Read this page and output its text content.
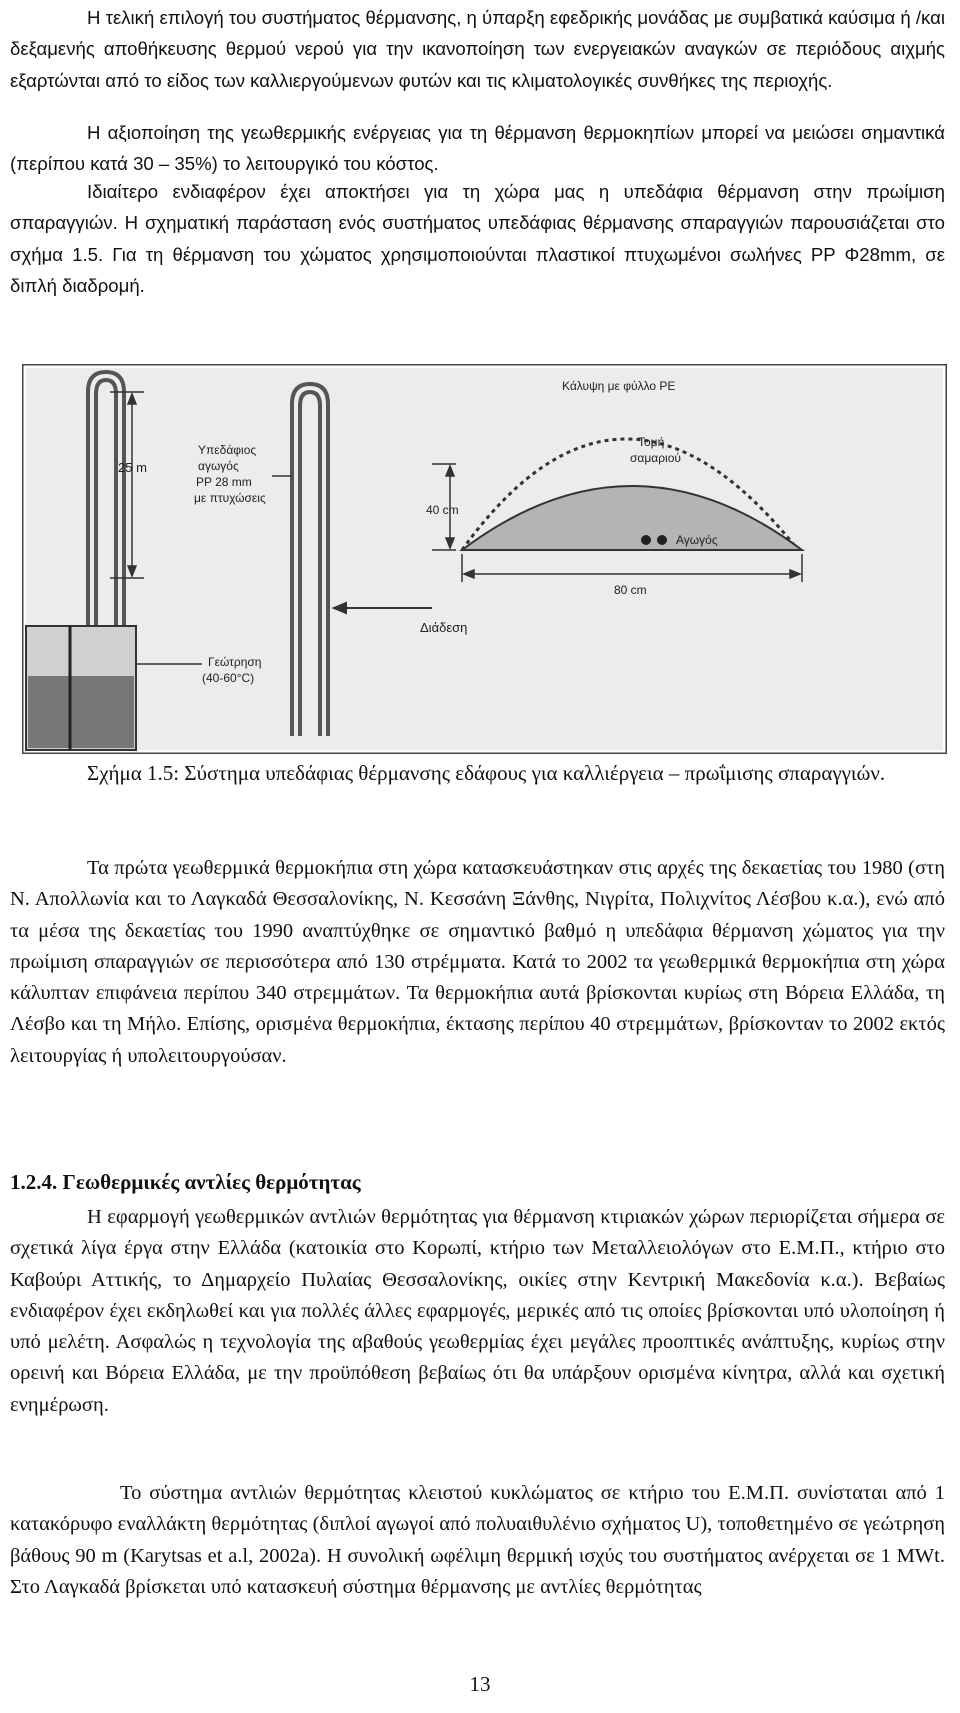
Η τελική επιλογή του συστήματος θέρμανσης, η ύπαρξη εφεδρικής μονάδας με συμβατικά καύσιμα ή /και δεξαμενής αποθήκευσης θερμού νερού για την ικανοποίηση των ενεργειακών αναγκών σε περιόδους αιχμής εξαρτώνται από το είδος των καλλιεργούμενων φυτών και τις κλιματολογικές συνθήκες της περιοχής.

Η αξιοποίηση της γεωθερμικής ενέργειας για τη θέρμανση θερμοκηπίων μπορεί να μειώσει σημαντικά (περίπου κατά 30 – 35%) το λειτουργικό του κόστος.

Ιδιαίτερο ενδιαφέρον έχει αποκτήσει για τη χώρα μας η υπεδάφια θέρμανση στην πρωίμιση σπαραγγιών. Η σχηματική παράσταση ενός συστήματος υπεδάφιας θέρμανσης σπαραγγιών παρουσιάζεται στο σχήμα 1.5. Για τη θέρμανση του χώματος χρησιμοποιούνται πλαστικοί πτυχωμένοι σωλήνες PP Φ28mm, σε διπλή διαδρομή.

25 m
Υπεδάφιος
αγωγός
PP 28 mm
με πτυχώσεις
Διάδεση
Γεώτρηση
(40-60°C)
Κάλυψη με φύλλο PE
Τομή
σαμαριού
Αγωγός
40 cm
80 cm

Σχήμα 1.5: Σύστημα υπεδάφιας θέρμανσης εδάφους για καλλιέργεια – πρωΐμισης σπαραγγιών.

Τα πρώτα γεωθερμικά θερμοκήπια στη χώρα κατασκευάστηκαν στις αρχές της δεκαετίας του 1980 (στη Ν. Απολλωνία και το Λαγκαδά Θεσσαλονίκης, Ν. Κεσσάνη Ξάνθης, Νιγρίτα, Πολιχνίτος Λέσβου κ.α.), ενώ από τα μέσα της δεκαετίας του 1990 αναπτύχθηκε σε σημαντικό βαθμό η υπεδάφια θέρμανση χώματος για την πρωίμιση σπαραγγιών σε περισσότερα από 130 στρέμματα. Κατά το 2002 τα γεωθερμικά θερμοκήπια στη χώρα κάλυπταν επιφάνεια περίπου 340 στρεμμάτων. Τα θερμοκήπια αυτά βρίσκονται κυρίως στη Βόρεια Ελλάδα, τη Λέσβο και τη Μήλο. Επίσης, ορισμένα θερμοκήπια, έκτασης περίπου 40 στρεμμάτων, βρίσκονταν το 2002 εκτός λειτουργίας ή υπολειτουργούσαν.

1.2.4. Γεωθερμικές αντλίες θερμότητας

Η εφαρμογή γεωθερμικών αντλιών θερμότητας για θέρμανση κτιριακών χώρων περιορίζεται σήμερα σε σχετικά λίγα έργα στην Ελλάδα (κατοικία στο Κορωπί, κτήριο των Μεταλλειολόγων στο Ε.Μ.Π., κτήριο στο Καβούρι Αττικής, το Δημαρχείο Πυλαίας Θεσσαλονίκης, οικίες στην Κεντρική Μακεδονία κ.α.). Βεβαίως ενδιαφέρον έχει εκδηλωθεί και για πολλές άλλες εφαρμογές, μερικές από τις οποίες βρίσκονται υπό υλοποίηση ή υπό μελέτη. Ασφαλώς η τεχνολογία της αβαθούς γεωθερμίας έχει μεγάλες προοπτικές ανάπτυξης, κυρίως στην ορεινή και Βόρεια Ελλάδα, με την προϋπόθεση βεβαίως ότι θα υπάρξουν ορισμένα κίνητρα, αλλά και σχετική ενημέρωση.

Το σύστημα αντλιών θερμότητας κλειστού κυκλώματος σε κτήριο του Ε.Μ.Π. συνίσταται από 1 κατακόρυφο εναλλάκτη θερμότητας (διπλοί αγωγοί από πολυαιθυλένιο σχήματος U), τοποθετημένο σε γεώτρηση βάθους 90 m (Karytsas et a.l, 2002a). Η συνολική ωφέλιμη θερμική ισχύς του συστήματος ανέρχεται σε 1 MWt. Στο Λαγκαδά βρίσκεται υπό κατασκευή σύστημα θέρμανσης με αντλίες θερμότητας

13
